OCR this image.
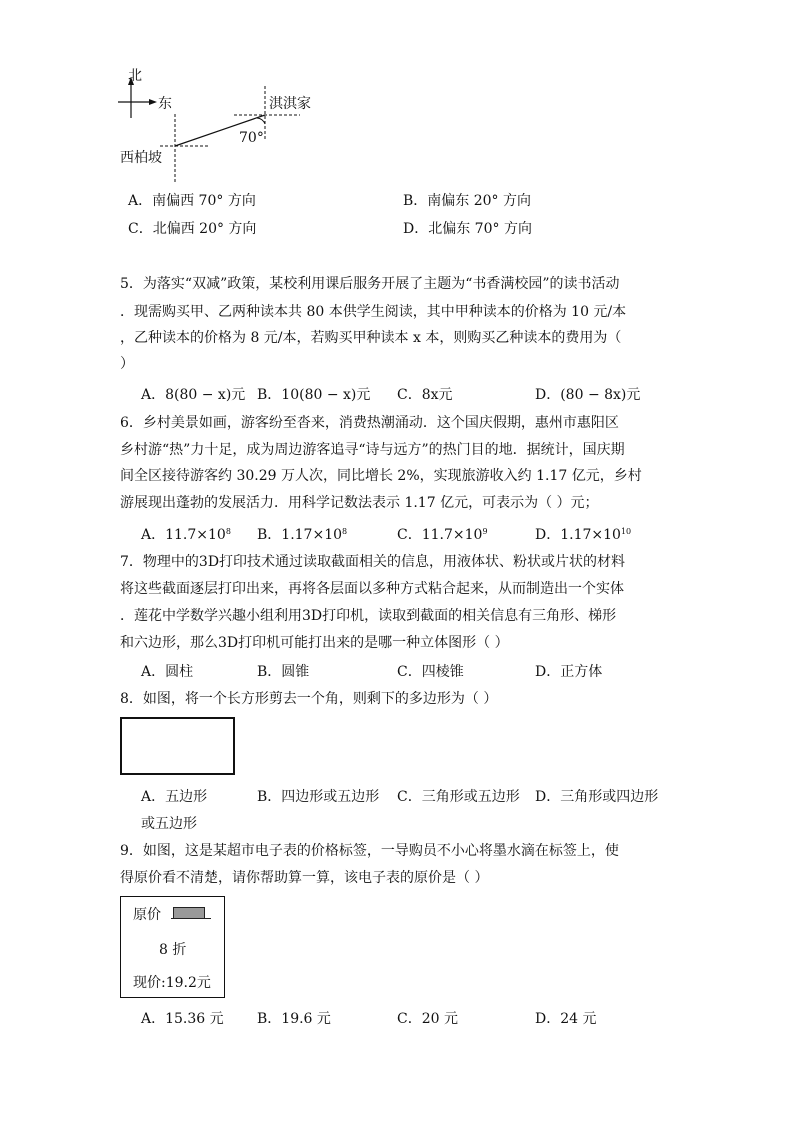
北
东
西柏坡
淇淇家
70°
A．南偏西 70° 方向	B．南偏东 20° 方向
C．北偏西 20° 方向	D．北偏东 70° 方向
5．为落实“双减”政策，某校利用课后服务开展了主题为“书香满校园”的读书活动
．现需购买甲、乙两种读本共 80 本供学生阅读，其中甲种读本的价格为 10 元/本
，乙种读本的价格为 8 元/本，若购买甲种读本 x 本，则购买乙种读本的费用为（
）
A．8(80 − x)元 B．10(80 − x)元 C．8x元	D．(80 − 8x)元
6．乡村美景如画，游客纷至沓来，消费热潮涌动．这个国庆假期，惠州市惠阳区
乡村游“热”力十足，成为周边游客追寻“诗与远方”的热门目的地．据统计，国庆期
间全区接待游客约 30.29 万人次，同比增长 2%，实现旅游收入约 1.17 亿元，乡村
游展现出蓬勃的发展活力．用科学记数法表示 1.17 亿元，可表示为（ ）元；
A．$11.7\times 10^8$ B．$1.17\times 10^8$	C．$11.7\times 10^9$	D．$1.17\times 10^{10}$
7．物理中的3D打印技术通过读取截面相关的信息，用液体状、粉状或片状的材料
将这些截面逐层打印出来，再将各层面以多种方式粘合起来，从而制造出一个实体
．莲花中学数学兴趣小组利用3D打印机，读取到截面的相关信息有三角形、梯形
和六边形，那么3D打印机可能打出来的是哪一种立体图形（ ）
A．圆柱	B．圆锥	C．四棱锥	D．正方体
8．如图，将一个长方形剪去一个角，则剩下的多边形为（ ）
A．五边形	B．四边形或五边形 C．三角形或五边形 D．三角形或四边形
或五边形
9．如图，这是某超市电子表的价格标签，一导购员不小心将墨水滴在标签上，使
得原价看不清楚，请你帮助算一算，该电子表的原价是（ ）
原价
8 折
现价:19.2元
A．15.36 元 B．19.6 元	C．20 元	D．24 元
